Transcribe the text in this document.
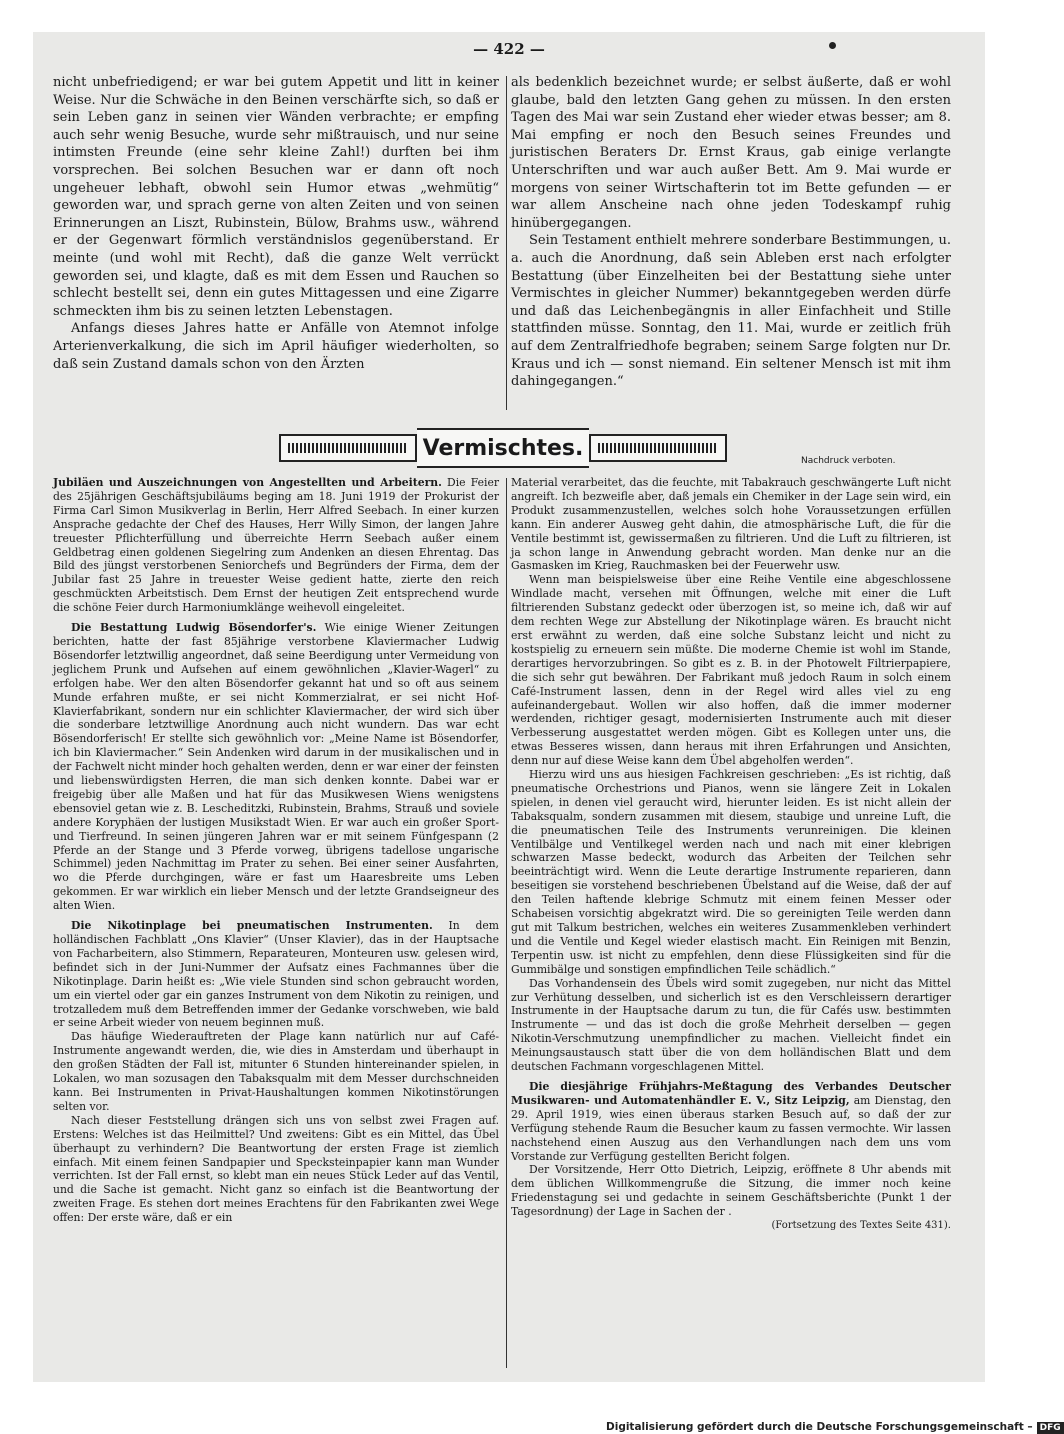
— 422 —

nicht unbefriedigend; er war bei gutem Appetit und litt in keiner Weise. Nur die Schwäche in den Beinen verschärfte sich, so daß er sein Leben ganz in seinen vier Wänden verbrachte; er empfing auch sehr wenig Besuche, wurde sehr mißtrauisch, und nur seine intimsten Freunde (eine sehr kleine Zahl!) durften bei ihm vorsprechen. Bei solchen Besuchen war er dann oft noch ungeheuer lebhaft, obwohl sein Humor etwas „wehmütig“ geworden war, und sprach gerne von alten Zeiten und von seinen Erinnerungen an Liszt, Rubinstein, Bülow, Brahms usw., während er der Gegenwart förmlich verständnislos gegenüberstand. Er meinte (und wohl mit Recht), daß die ganze Welt verrückt geworden sei, und klagte, daß es mit dem Essen und Rauchen so schlecht bestellt sei, denn ein gutes Mittagessen und eine Zigarre schmeckten ihm bis zu seinen letzten Lebenstagen.

Anfangs dieses Jahres hatte er Anfälle von Atemnot infolge Arterienverkalkung, die sich im April häufiger wiederholten, so daß sein Zustand damals schon von den Ärzten

als bedenklich bezeichnet wurde; er selbst äußerte, daß er wohl glaube, bald den letzten Gang gehen zu müssen. In den ersten Tagen des Mai war sein Zustand eher wieder etwas besser; am 8. Mai empfing er noch den Besuch seines Freundes und juristischen Beraters Dr. Ernst Kraus, gab einige verlangte Unterschriften und war auch außer Bett. Am 9. Mai wurde er morgens von seiner Wirtschafterin tot im Bette gefunden — er war allem Anscheine nach ohne jeden Todeskampf ruhig hinübergegangen.

Sein Testament enthielt mehrere sonderbare Bestimmungen, u. a. auch die Anordnung, daß sein Ableben erst nach erfolgter Bestattung (über Einzelheiten bei der Bestattung siehe unter Vermischtes in gleicher Nummer) bekanntgegeben werden dürfe und daß das Leichenbegängnis in aller Einfachheit und Stille stattfinden müsse. Sonntag, den 11. Mai, wurde er zeitlich früh auf dem Zentralfriedhofe begraben; seinem Sarge folgten nur Dr. Kraus und ich — sonst niemand. Ein seltener Mensch ist mit ihm dahingegangen.“

Vermischtes.
Nachdruck verboten.

Jubiläen und Auszeichnungen von Angestellten und Arbeitern. Die Feier des 25jährigen Geschäftsjubiläums beging am 18. Juni 1919 der Prokurist der Firma Carl Simon Musikverlag in Berlin, Herr Alfred Seebach. In einer kurzen Ansprache gedachte der Chef des Hauses, Herr Willy Simon, der langen Jahre treuester Pflichterfüllung und überreichte Herrn Seebach außer einem Geldbetrag einen goldenen Siegelring zum Andenken an diesen Ehrentag. Das Bild des jüngst verstorbenen Seniorchefs und Begründers der Firma, dem der Jubilar fast 25 Jahre in treuester Weise gedient hatte, zierte den reich geschmückten Arbeitstisch. Dem Ernst der heutigen Zeit entsprechend wurde die schöne Feier durch Harmoniumklänge weihevoll eingeleitet.

Die Bestattung Ludwig Bösendorfer's. Wie einige Wiener Zeitungen berichten, hatte der fast 85jährige verstorbene Klaviermacher Ludwig Bösendorfer letztwillig angeordnet, daß seine Beerdigung unter Vermeidung von jeglichem Prunk und Aufsehen auf einem gewöhnlichen „Klavier-Wagerl“ zu erfolgen habe. Wer den alten Bösendorfer gekannt hat und so oft aus seinem Munde erfahren mußte, er sei nicht Kommerzialrat, er sei nicht Hof-Klavierfabrikant, sondern nur ein schlichter Klaviermacher, der wird sich über die sonderbare letztwillige Anordnung auch nicht wundern. Das war echt Bösendorferisch! Er stellte sich gewöhnlich vor: „Meine Name ist Bösendorfer, ich bin Klaviermacher.“ Sein Andenken wird darum in der musikalischen und in der Fachwelt nicht minder hoch gehalten werden, denn er war einer der feinsten und liebenswürdigsten Herren, die man sich denken konnte. Dabei war er freigebig über alle Maßen und hat für das Musikwesen Wiens wenigstens ebensoviel getan wie z. B. Lescheditzki, Rubinstein, Brahms, Strauß und soviele andere Koryphäen der lustigen Musikstadt Wien. Er war auch ein großer Sport- und Tierfreund. In seinen jüngeren Jahren war er mit seinem Fünfgespann (2 Pferde an der Stange und 3 Pferde vorweg, übrigens tadellose ungarische Schimmel) jeden Nachmittag im Prater zu sehen. Bei einer seiner Ausfahrten, wo die Pferde durchgingen, wäre er fast um Haaresbreite ums Leben gekommen. Er war wirklich ein lieber Mensch und der letzte Grandseigneur des alten Wien.

Die Nikotinplage bei pneumatischen Instrumenten. In dem holländischen Fachblatt „Ons Klavier“ (Unser Klavier), das in der Hauptsache von Facharbeitern, also Stimmern, Reparateuren, Monteuren usw. gelesen wird, befindet sich in der Juni-Nummer der Aufsatz eines Fachmannes über die Nikotinplage. Darin heißt es: „Wie viele Stunden sind schon gebraucht worden, um ein viertel oder gar ein ganzes Instrument von dem Nikotin zu reinigen, und trotzalledem muß dem Betreffenden immer der Gedanke vorschweben, wie bald er seine Arbeit wieder von neuem beginnen muß.

Das häufige Wiederauftreten der Plage kann natürlich nur auf Café-Instrumente angewandt werden, die, wie dies in Amsterdam und überhaupt in den großen Städten der Fall ist, mitunter 6 Stunden hintereinander spielen, in Lokalen, wo man sozusagen den Tabaksqualm mit dem Messer durchschneiden kann. Bei Instrumenten in Privat-Haushaltungen kommen Nikotinstörungen selten vor.

Nach dieser Feststellung drängen sich uns von selbst zwei Fragen auf. Erstens: Welches ist das Heilmittel? Und zweitens: Gibt es ein Mittel, das Übel überhaupt zu verhindern? Die Beantwortung der ersten Frage ist ziemlich einfach. Mit einem feinen Sandpapier und Specksteinpapier kann man Wunder verrichten. Ist der Fall ernst, so klebt man ein neues Stück Leder auf das Ventil, und die Sache ist gemacht. Nicht ganz so einfach ist die Beantwortung der zweiten Frage. Es stehen dort meines Erachtens für den Fabrikanten zwei Wege offen: Der erste wäre, daß er ein

Material verarbeitet, das die feuchte, mit Tabakrauch geschwängerte Luft nicht angreift. Ich bezweifle aber, daß jemals ein Chemiker in der Lage sein wird, ein Produkt zusammenzustellen, welches solch hohe Voraussetzungen erfüllen kann. Ein anderer Ausweg geht dahin, die atmosphärische Luft, die für die Ventile bestimmt ist, gewissermaßen zu filtrieren. Und die Luft zu filtrieren, ist ja schon lange in Anwendung gebracht worden. Man denke nur an die Gasmasken im Krieg, Rauchmasken bei der Feuerwehr usw.

Wenn man beispielsweise über eine Reihe Ventile eine abgeschlossene Windlade macht, versehen mit Öffnungen, welche mit einer die Luft filtrierenden Substanz gedeckt oder überzogen ist, so meine ich, daß wir auf dem rechten Wege zur Abstellung der Nikotinplage wären. Es braucht nicht erst erwähnt zu werden, daß eine solche Substanz leicht und nicht zu kostspielig zu erneuern sein müßte. Die moderne Chemie ist wohl im Stande, derartiges hervorzubringen. So gibt es z. B. in der Photowelt Filtrierpapiere, die sich sehr gut bewähren. Der Fabrikant muß jedoch Raum in solch einem Café-Instrument lassen, denn in der Regel wird alles viel zu eng aufeinandergebaut. Wollen wir also hoffen, daß die immer moderner werdenden, richtiger gesagt, modernisierten Instrumente auch mit dieser Verbesserung ausgestattet werden mögen. Gibt es Kollegen unter uns, die etwas Besseres wissen, dann heraus mit ihren Erfahrungen und Ansichten, denn nur auf diese Weise kann dem Übel abgeholfen werden“.

Hierzu wird uns aus hiesigen Fachkreisen geschrieben: „Es ist richtig, daß pneumatische Orchestrions und Pianos, wenn sie längere Zeit in Lokalen spielen, in denen viel geraucht wird, hierunter leiden. Es ist nicht allein der Tabaksqualm, sondern zusammen mit diesem, staubige und unreine Luft, die die pneumatischen Teile des Instruments verunreinigen. Die kleinen Ventilbälge und Ventilkegel werden nach und nach mit einer klebrigen schwarzen Masse bedeckt, wodurch das Arbeiten der Teilchen sehr beeinträchtigt wird. Wenn die Leute derartige Instrumente reparieren, dann beseitigen sie vorstehend beschriebenen Übelstand auf die Weise, daß der auf den Teilen haftende klebrige Schmutz mit einem feinen Messer oder Schabeisen vorsichtig abgekratzt wird. Die so gereinigten Teile werden dann gut mit Talkum bestrichen, welches ein weiteres Zusammenkleben verhindert und die Ventile und Kegel wieder elastisch macht. Ein Reinigen mit Benzin, Terpentin usw. ist nicht zu empfehlen, denn diese Flüssigkeiten sind für die Gummibälge und sonstigen empfindlichen Teile schädlich.“

Das Vorhandensein des Übels wird somit zugegeben, nur nicht das Mittel zur Verhütung desselben, und sicherlich ist es den Verschleissern derartiger Instrumente in der Hauptsache darum zu tun, die für Cafés usw. bestimmten Instrumente — und das ist doch die große Mehrheit derselben — gegen Nikotin-Verschmutzung unempfindlicher zu machen. Vielleicht findet ein Meinungsaustausch statt über die von dem holländischen Blatt und dem deutschen Fachmann vorgeschlagenen Mittel.

Die diesjährige Frühjahrs-Meßtagung des Verbandes Deutscher Musikwaren- und Automatenhändler E. V., Sitz Leipzig, am Dienstag, den 29. April 1919, wies einen überaus starken Besuch auf, so daß der zur Verfügung stehende Raum die Besucher kaum zu fassen vermochte. Wir lassen nachstehend einen Auszug aus den Verhandlungen nach dem uns vom Vorstande zur Verfügung gestellten Bericht folgen.

Der Vorsitzende, Herr Otto Dietrich, Leipzig, eröffnete 8 Uhr abends mit dem üblichen Willkommengruße die Sitzung, die immer noch keine Friedenstagung sei und gedachte in seinem Geschäftsberichte (Punkt 1 der Tagesordnung) der Lage in Sachen der .

(Fortsetzung des Textes Seite 431).
Digitalisierung gefördert durch die Deutsche Forschungsgemeinschaft – DFG
